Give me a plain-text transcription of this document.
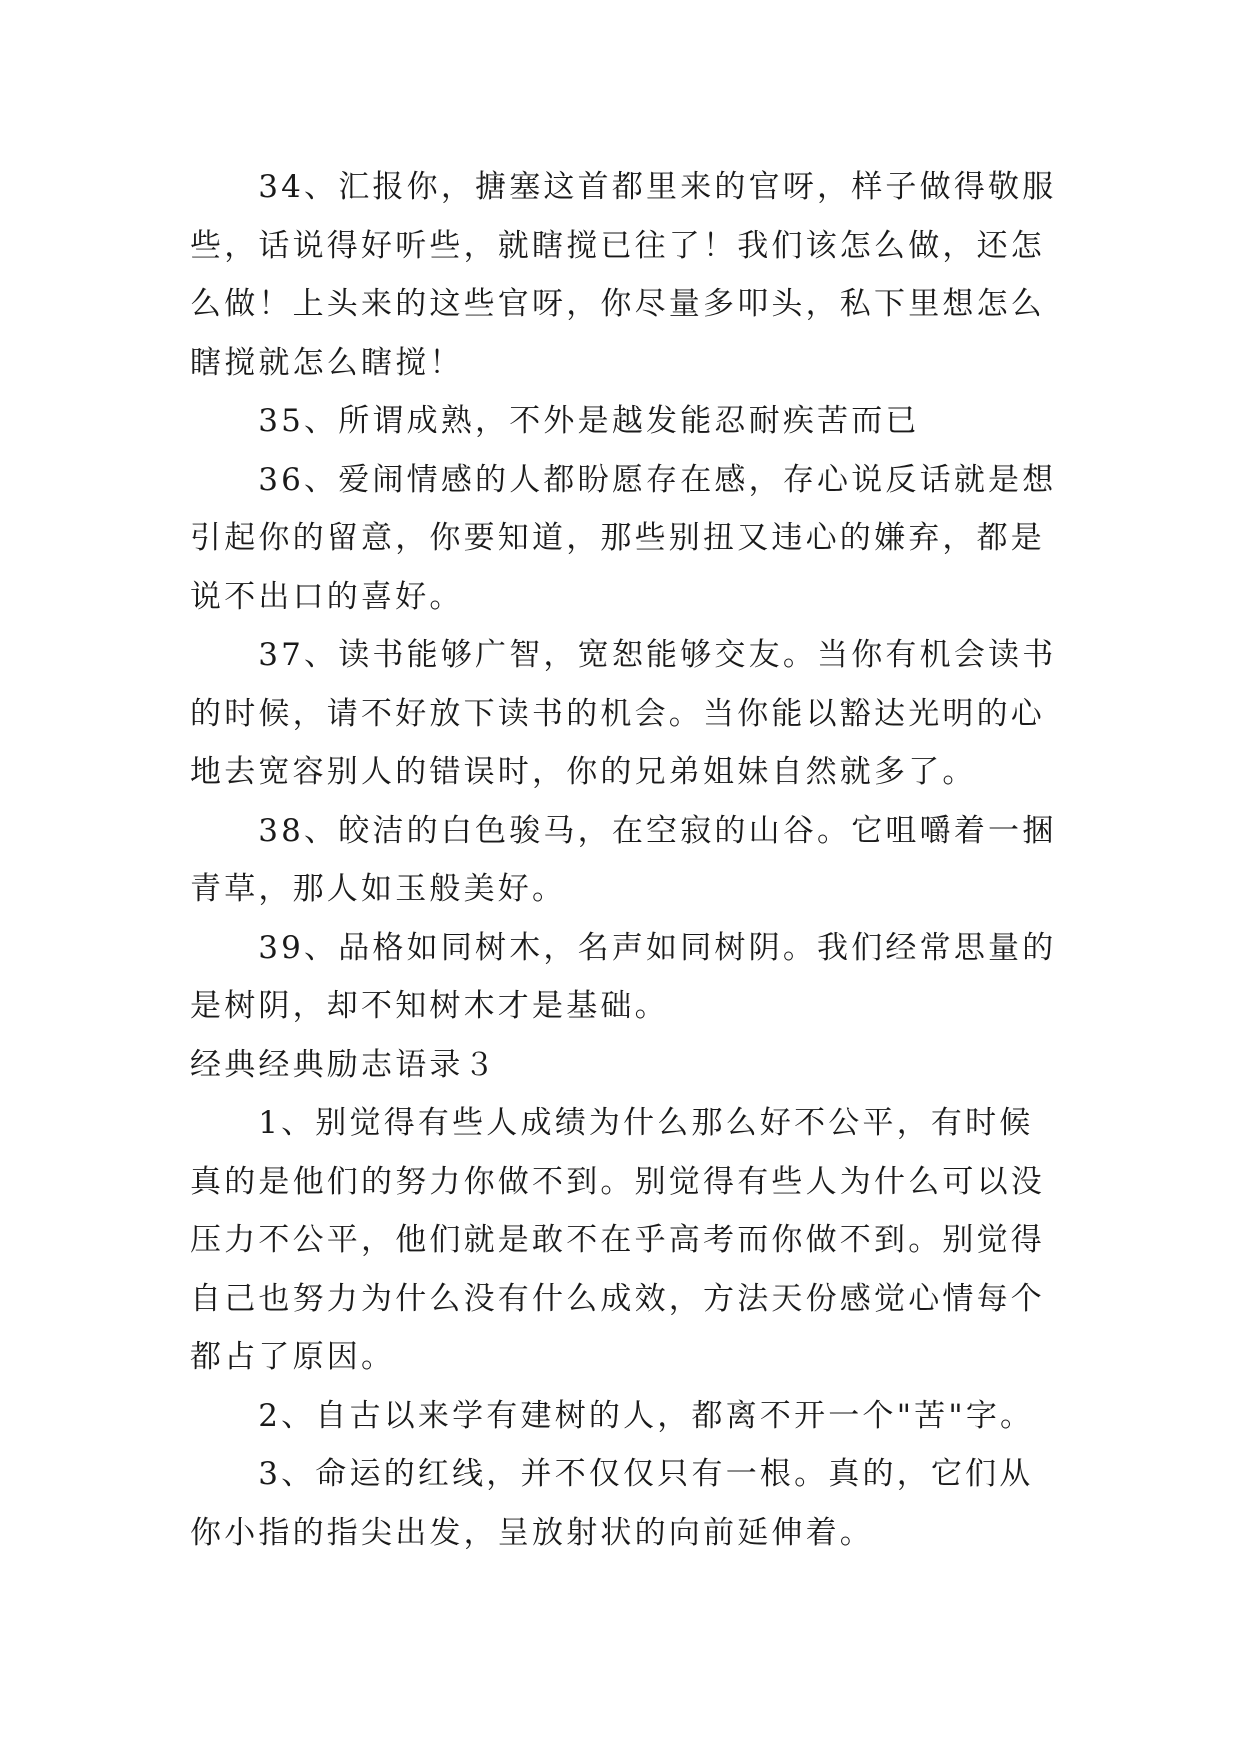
34、汇报你，搪塞这首都里来的官呀，样子做得敬服些，话说得好听些，就瞎搅已往了！我们该怎么做，还怎么做！上头来的这些官呀，你尽量多叩头，私下里想怎么瞎搅就怎么瞎搅！

35、所谓成熟，不外是越发能忍耐疾苦而已

36、爱闹情感的人都盼愿存在感，存心说反话就是想引起你的留意，你要知道，那些别扭又违心的嫌弃，都是说不出口的喜好。

37、读书能够广智，宽恕能够交友。当你有机会读书的时候，请不好放下读书的机会。当你能以豁达光明的心地去宽容别人的错误时，你的兄弟姐妹自然就多了。

38、皎洁的白色骏马，在空寂的山谷。它咀嚼着一捆青草，那人如玉般美好。

39、品格如同树木，名声如同树阴。我们经常思量的是树阴，却不知树木才是基础。

经典经典励志语录３

1、别觉得有些人成绩为什么那么好不公平，有时候真的是他们的努力你做不到。别觉得有些人为什么可以没压力不公平，他们就是敢不在乎高考而你做不到。别觉得自己也努力为什么没有什么成效，方法天份感觉心情每个都占了原因。

2、自古以来学有建树的人，都离不开一个"苦"字。

3、命运的红线，并不仅仅只有一根。真的，它们从你小指的指尖出发，呈放射状的向前延伸着。
